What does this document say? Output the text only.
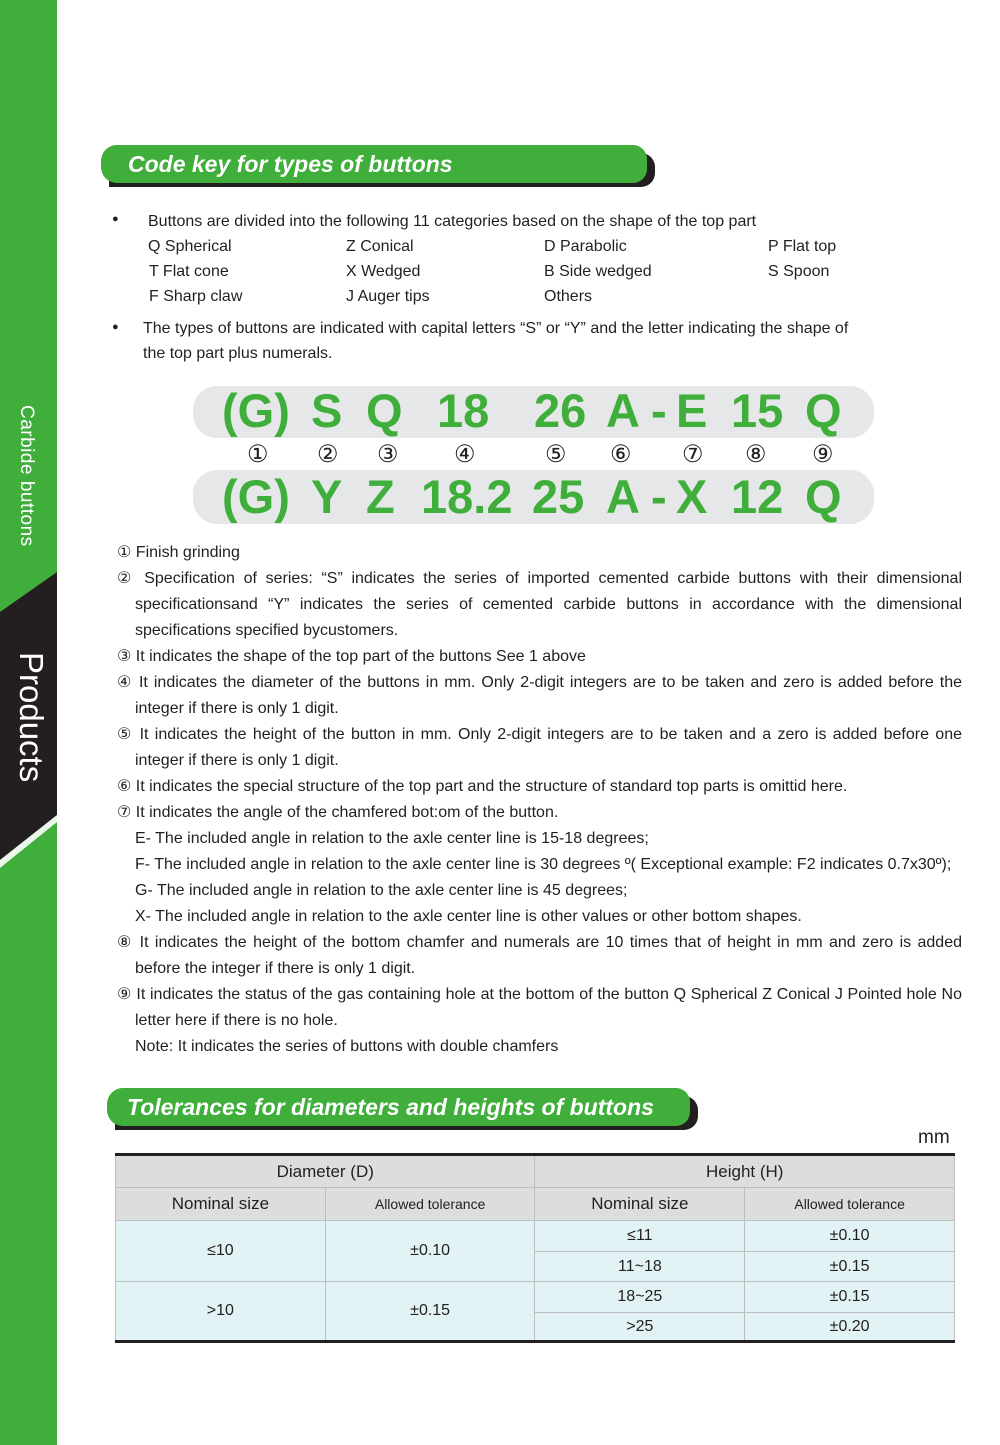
Carbide buttons
Products
Code key for types of buttons
● Buttons are divided into the following 11 categories based on the shape of the top part
Q Spherical	Z Conical	D Parabolic	P Flat top
T Flat cone	X Wedged	B Side wedged	S Spoon
F Sharp claw	J Auger tips	Others
● The types of buttons are indicated with capital letters “S” or “Y” and the letter indicating the shape of
the top part plus numerals.
(G) S Q 18 26 A - E 15 Q
① ② ③ ④	⑤ ⑥ ⑦ ⑧ ⑨
(G) Y Z 18.2 25 A - X 12 Q
① Finish grinding
② Specification of series: “S” indicates the series of imported cemented carbide buttons with their dimensional
specificationsand “Y” indicates the series of cemented carbide buttons in accordance with the dimensional
specifications specified bycustomers.
③ It indicates the shape of the top part of the buttons See 1 above
④ It indicates the diameter of the buttons in mm. Only 2-digit integers are to be taken and zero is added before the
integer if there is only 1 digit.
⑤ It indicates the height of the button in mm. Only 2-digit integers are to be taken and a zero is added before one
integer if there is only 1 digit.
⑥ It indicates the special structure of the top part and the structure of standard top parts is omittid here.
⑦ It indicates the angle of the chamfered bot:om of the button.
E- The included angle in relation to the axle center line is 15-18 degrees;
F- The included angle in relation to the axle center line is 30 degrees º( Exceptional example: F2 indicates 0.7x30º);
G- The included angle in relation to the axle center line is 45 degrees;
X- The included angle in relation to the axle center line is other values or other bottom shapes.
⑧ It indicates the height of the bottom chamfer and numerals are 10 times that of height in mm and zero is added
before the integer if there is only 1 digit.
⑨ It indicates the status of the gas containing hole at the bottom of the button Q Spherical Z Conical J Pointed hole No
letter here if there is no hole.
Note: It indicates the series of buttons with double chamfers
Tolerances for diameters and heights of buttons
mm
Diameter (D)		Height (H)	
Nominal size	Allowed tolerance	Nominal size	Allowed tolerance
≤10	±0.10	≤11	±0.10
		11~18	±0.15
>10	±0.15	18~25	±0.15
		>25	±0.20
